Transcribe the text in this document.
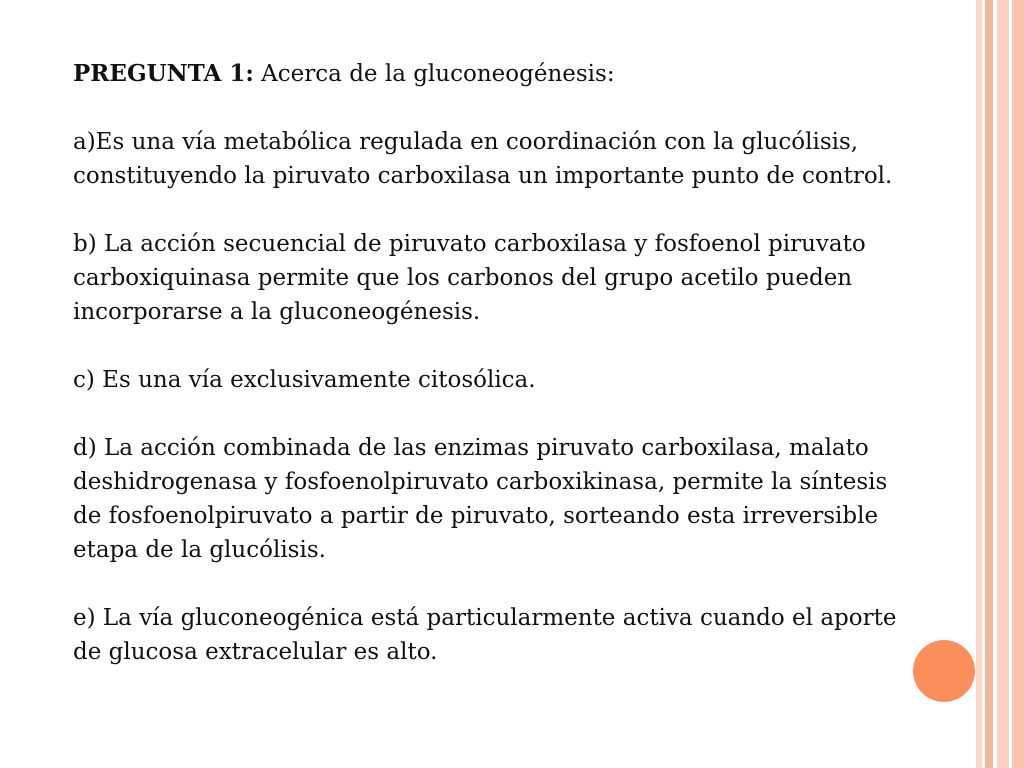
PREGUNTA 1: Acerca de la gluconeogénesis:

a)Es una vía metabólica regulada en coordinación con la glucólisis, constituyendo la piruvato carboxilasa un importante punto de control.

b) La acción secuencial de piruvato carboxilasa y fosfoenol piruvato carboxiquinasa permite que los carbonos del grupo acetilo pueden incorporarse a la gluconeogénesis.

c) Es una vía exclusivamente citosólica.

d) La acción combinada de las enzimas piruvato carboxilasa, malato deshidrogenasa y fosfoenolpiruvato carboxikinasa, permite la síntesis de fosfoenolpiruvato a partir de piruvato, sorteando esta irreversible etapa de la glucólisis.

e) La vía gluconeogénica está particularmente activa cuando el aporte de glucosa extracelular es alto.
